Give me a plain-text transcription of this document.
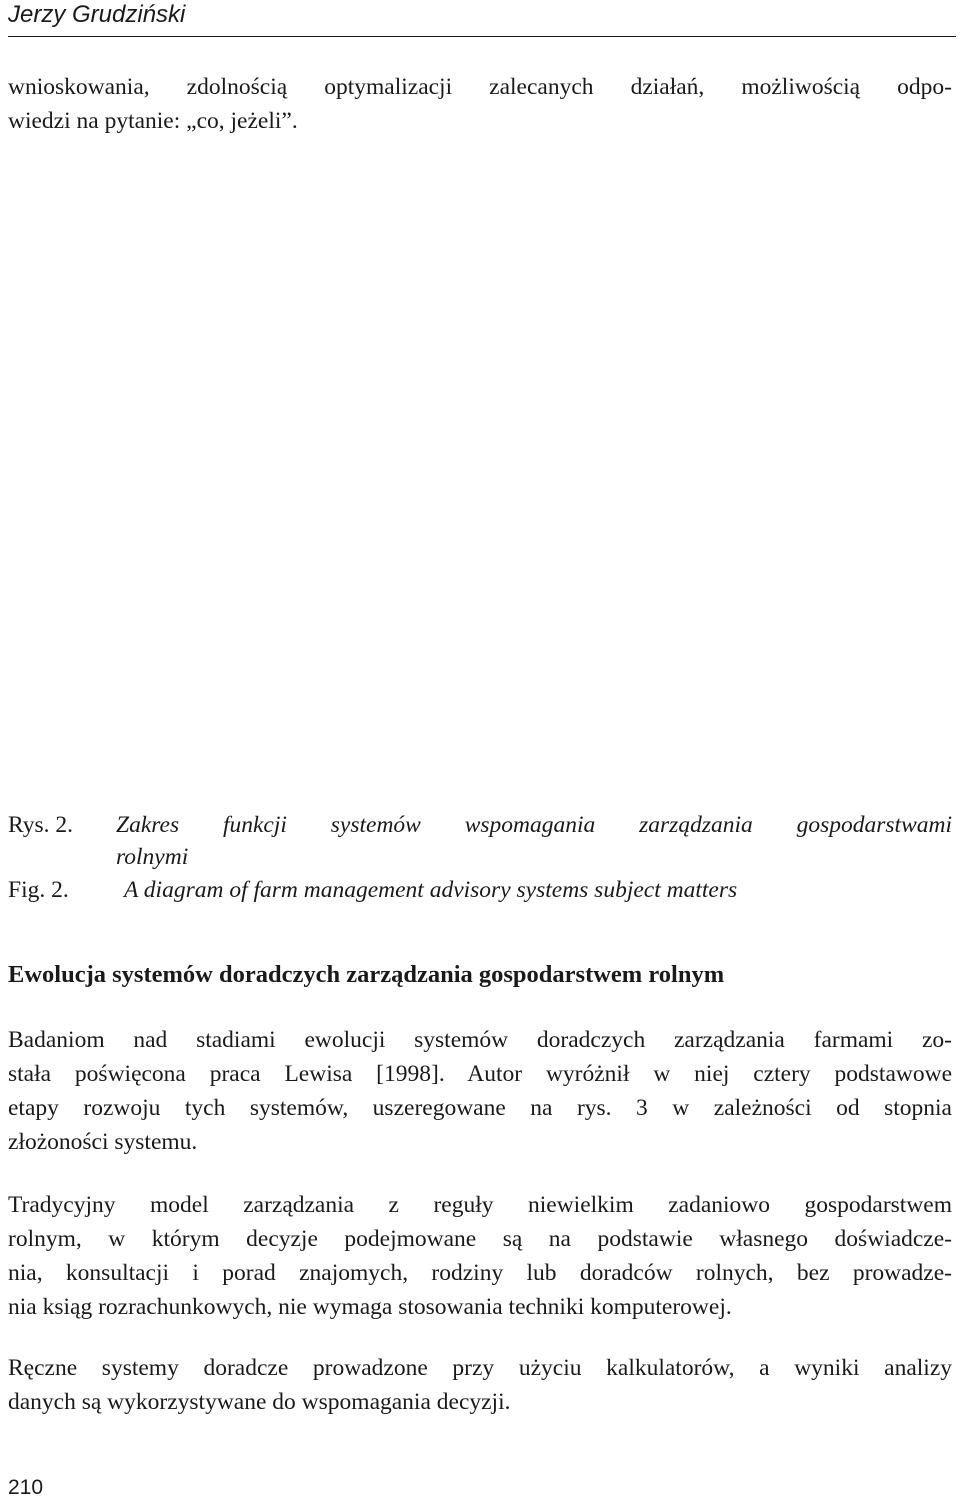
Jerzy Grudziński

wnioskowania, zdolnością optymalizacji zalecanych działań, możliwością odpo-
wiedzi na pytanie: „co, jeżeli”.

Rys. 2. Zakres funkcji systemów wspomagania zarządzania gospodarstwami
rolnymi
Fig. 2. A diagram of farm management advisory systems subject matters
Ewolucja systemów doradczych zarządzania gospodarstwem rolnym

Badaniom nad stadiami ewolucji systemów doradczych zarządzania farmami zo-
stała poświęcona praca Lewisa [1998]. Autor wyróżnił w niej cztery podstawowe
etapy rozwoju tych systemów, uszeregowane na rys. 3 w zależności od stopnia
złożoności systemu.

Tradycyjny model zarządzania z reguły niewielkim zadaniowo gospodarstwem
rolnym, w którym decyzje podejmowane są na podstawie własnego doświadcze-
nia, konsultacji i porad znajomych, rodziny lub doradców rolnych, bez prowadze-
nia ksiąg rozrachunkowych, nie wymaga stosowania techniki komputerowej.

Ręczne systemy doradcze prowadzone przy użyciu kalkulatorów, a wyniki analizy
danych są wykorzystywane do wspomagania decyzji.

210
